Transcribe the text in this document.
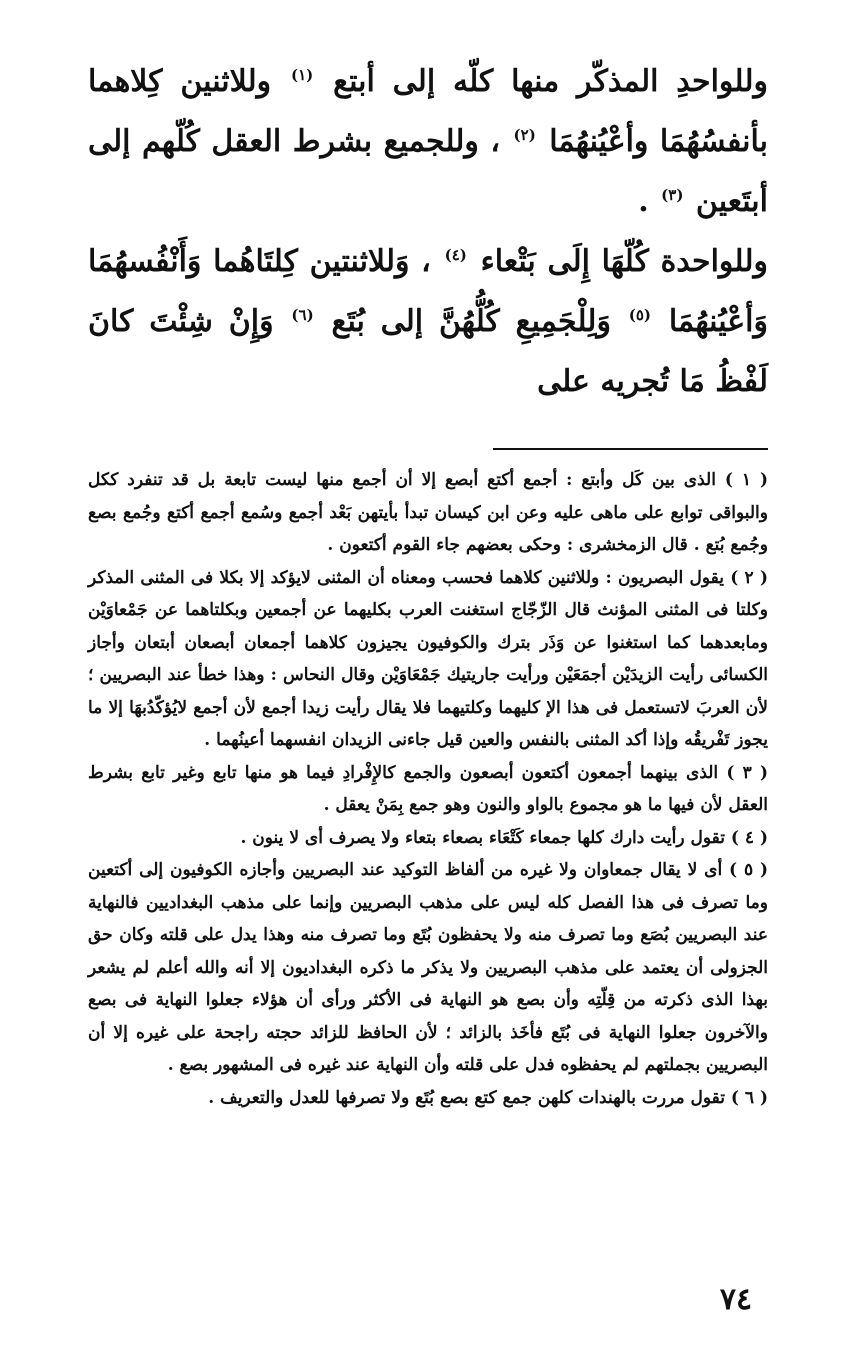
وللواحدِ المذكّر منها كلّه إلى أبتع $^{(١)}$ وللاثنين كِلاهما بأنفسُهُمَا وأعْيُنهُمَا $^{(٢)}$ ، وللجميع بشرط العقل كُلّهم إلى أبتَعين $^{(٣)}$ .

وللواحدة كُلّهَا إِلَى بَتْعاء $^{(٤)}$ ، وَللاثنتين كِلتَاهُما وَأَنْفُسهُمَا وَأعْيُنهُمَا $^{(٥)}$ وَلِلْجَمِيعِ كُلُّهُنَّ إلى بُتَع $^{(٦)}$ وَإِنْ شِئْتَ كانَ لَفْظُ مَا تُجريه على

( ١ ) الذى بين كَل وأبتع : أجمع أكتع أبصع إلا أن أجمع منها ليست تابعة بل قد تنفرد ككل والبواقى توابع على ماهى عليه وعن ابن كيسان تبدأ بأيتهن بَعْد أجمع وسُمع أجمع أكتع وجُمع بصع وجُمع بُتع . قال الزمخشرى : وحكى بعضهم جاء القوم أكتعون .

( ٢ ) يقول البصريون : وللاثنين كلاهما فحسب ومعناه أن المثنى لايؤكد إلا بكلا فى المثنى المذكر وكلتا فى المثنى المؤنث قال الزّجّاج استغنت العرب بكليهما عن أجمعين وبكلتاهما عن جَمْعاوَيْن ومابعدهما كما استغنوا عن وَذَر بترك والكوفيون يجيزون كلاهما أجمعان أبصعان أبتعان وأجاز الكسائى رأيت الزيدَيْن أجمَعَيْن ورأيت جاريتيك جَمْعَاوَيْن وقال النحاس : وهذا خطأ عند البصريين ؛ لأن العربَ لاتستعمل فى هذا الإ كليهما وكلتيهما فلا يقال رأيت زيدا أجمع لأن أجمع لايُؤكّدُبهَا إلا ما يجوز تَفْريقُه وإذا أكد المثنى بالنفس والعين قيل جاءنى الزيدان انفسهما أعينُهما .

( ٣ ) الذى بينهما أجمعون أكتعون أبصعون والجمع كالإِفْرادِ فيما هو منها تابع وغير تابع بشرط العقل لأن فيها ما هو مجموع بالواو والنون وهو جمع بِمَنْ يعقل .

( ٤ ) تقول رأيت دارك كلها جمعاء كَتْعَاء بصعاء بتعاء ولا يصرف أى لا ينون .

( ٥ ) أى لا يقال جمعاوان ولا غيره من ألفاظ التوكيد عند البصريين وأجازه الكوفيون إلى أكتعين وما تصرف فى هذا الفصل كله ليس على مذهب البصريين وإنما على مذهب البغداديين فالنهاية عند البصريين بُصَع وما تصرف منه ولا يحفظون بُتَع وما تصرف منه وهذا يدل على قلته وكان حق الجزولى أن يعتمد على مذهب البصريين ولا يذكر ما ذكره البغداديون إلا أنه والله أعلم لم يشعر بهذا الذى ذكرته من قِلّتِه وأن بصع هو النهاية فى الأكثر ورأى أن هؤلاء جعلوا النهاية فى بصع والآخرون جعلوا النهاية فى بُتَع فأخَذ بالزائد ؛ لأن الحافظ للزائد حجته راجحة على غيره إلا أن البصريين بجملتهم لم يحفظوه فدل على قلته وأن النهاية عند غيره فى المشهور بصع .

( ٦ ) تقول مررت بالهندات كلهن جمع كتع بصع بُتَع ولا تصرفها للعدل والتعريف .

٧٤
